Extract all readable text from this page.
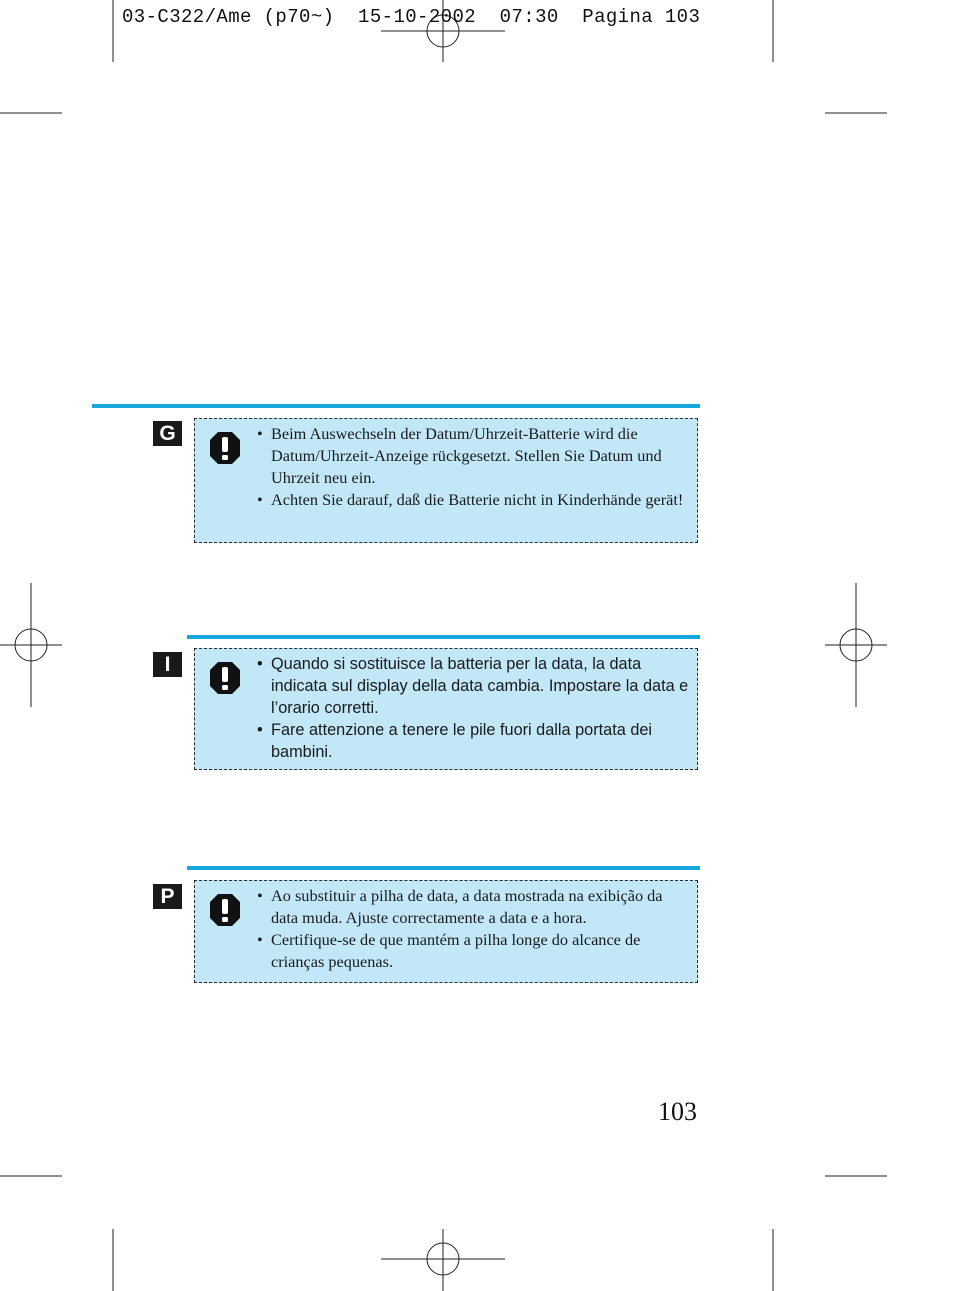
03-C322/Ame (p70~)  15-10-2002  07:30  Pagina 103
G	• Beim Auswechseln der Datum/Uhrzeit-Batterie wird die Datum/Uhrzeit-Anzeige rückgesetzt. Stellen Sie Datum und Uhrzeit neu ein.
• Achten Sie darauf, daß die Batterie nicht in Kinderhände gerät!
I	• Quando si sostituisce la batteria per la data, la data indicata sul display della data cambia. Impostare la data e l’orario corretti.
• Fare attenzione a tenere le pile fuori dalla portata dei bambini.
P	• Ao substituir a pilha de data, a data mostrada na exibição da data muda. Ajuste correctamente a data e a hora.
• Certifique-se de que mantém a pilha longe do alcance de crianças pequenas.
103
